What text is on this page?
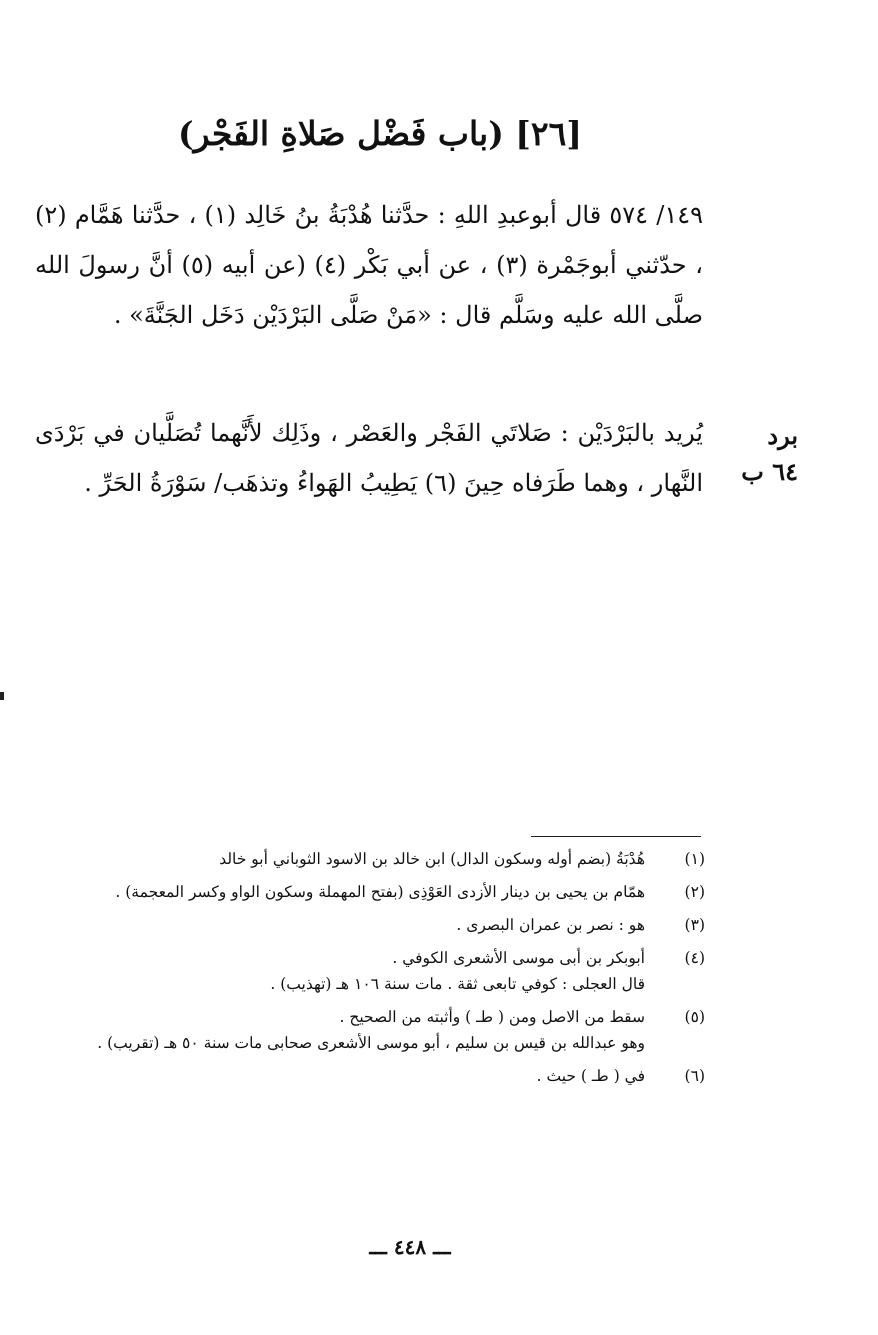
[٢٦] (باب فَضْل صَلاةِ الفَجْر)

١٤٩/ ٥٧٤ قال أبوعبدِ اللهِ : حدَّثنا هُدْبَةُ بنُ خَالِد (١) ، حدَّثنا هَمَّام (٢) ، حدّثني أبوجَمْرة (٣) ، عن أبي بَكْر (٤) (عن أبيه (٥) أنَّ رسولَ الله صلَّى الله عليه وسَلَّم قال : «مَنْ صَلَّى البَرْدَيْن دَخَل الجَنَّةَ» .

يُريد بالبَرْدَيْن : صَلاتَي الفَجْر والعَصْر ، وذَلِك لأَنَّهما تُصَلَّيان في بَرْدَى النَّهار ، وهما طَرَفاه حِينَ (٦) يَطِيبُ الهَواءُ وتذهَب/ سَوْرَةُ الحَرِّ .

برد
٦٤ ب
(١)
هُدْبَةُ (بضم أوله وسكون الدال) ابن خالد بن الاسود الثوباني أبو خالد
(٢)
همّام بن يحيى بن دينار الأزدى العَوْذِى (بفتح المهملة وسكون الواو وكسر المعجمة) .
(٣)
هو : نصر بن عمران البصرى .
(٤)
أبوبكر بن أبى موسى الأشعرى الكوفي .
قال العجلى : كوفي تابعى ثقة . مات سنة ١٠٦ هـ (تهذيب) .
(٥)
سقط من الاصل ومن ( طـ ) وأثبته من الصحيح .
وهو عبدالله بن قيس بن سليم ، أبو موسى الأشعرى صحابى مات سنة ٥٠ هـ (تقريب) .
(٦)
في ( طـ ) حيث .
ـــ ٤٤٨ ـــ
